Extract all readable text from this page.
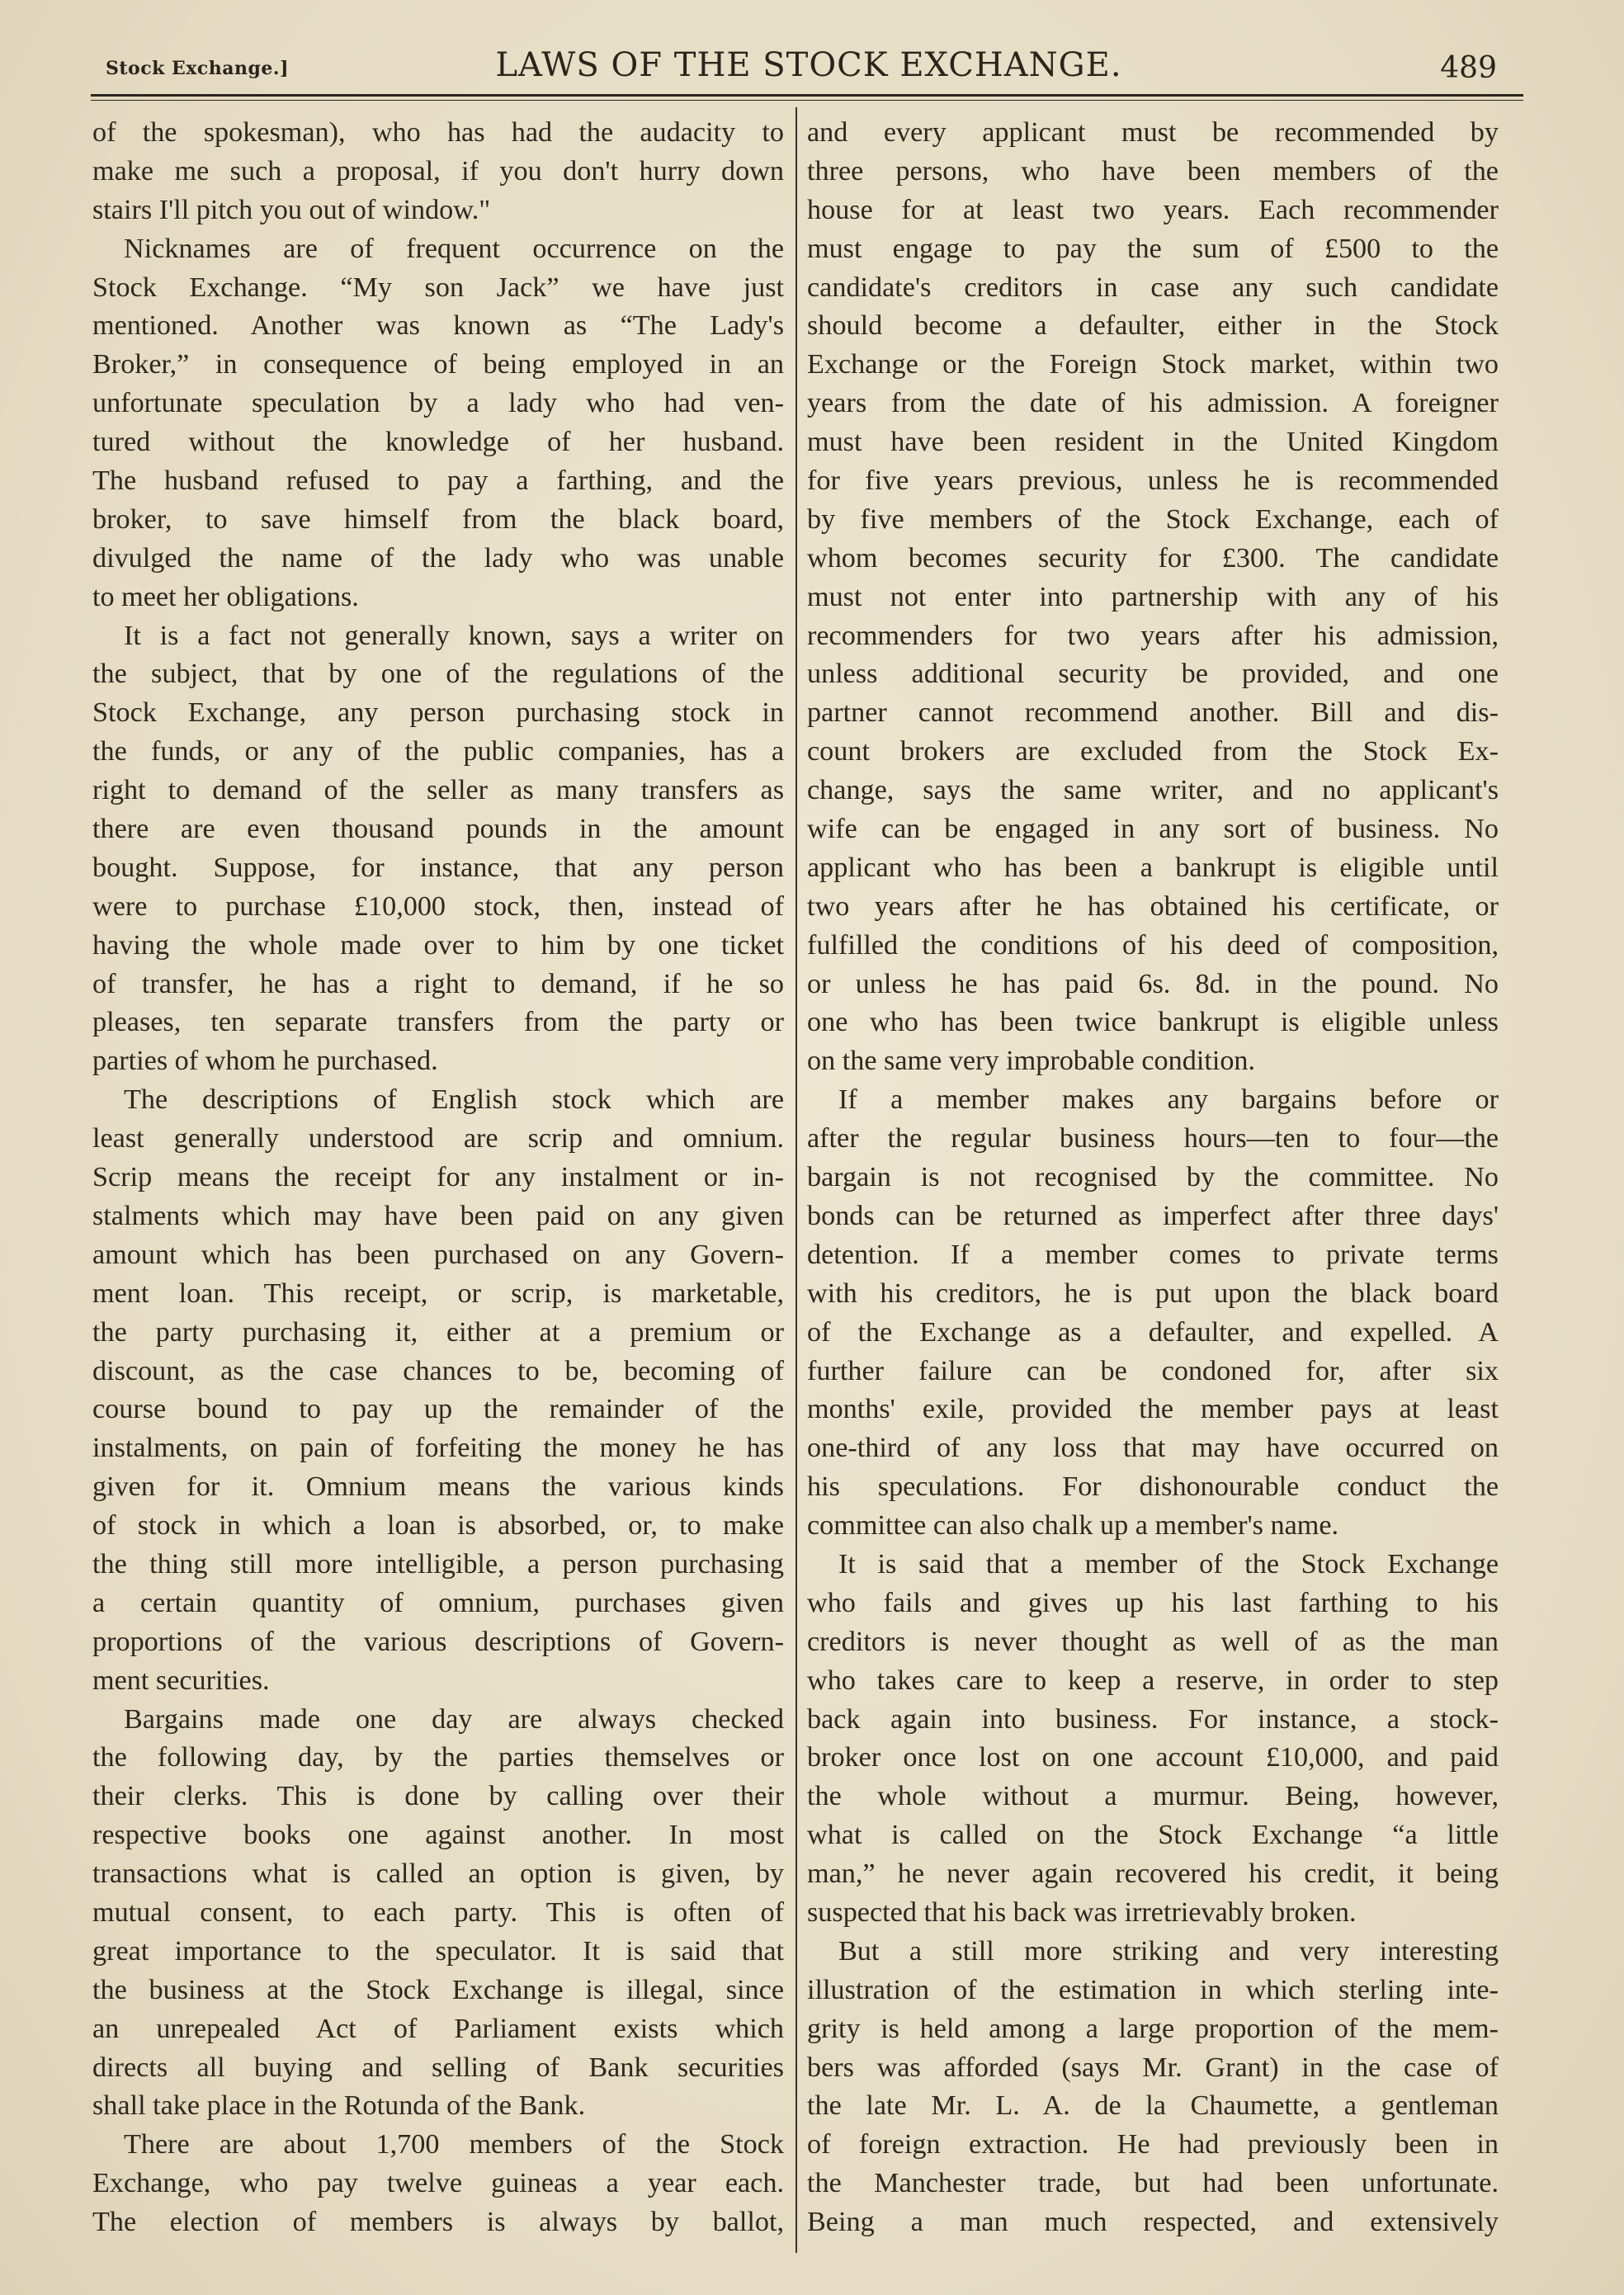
Stock Exchange.]	LAWS OF THE STOCK EXCHANGE.	489
of the spokesman), who has had the audacity to
make me such a proposal, if you don't hurry down
stairs I'll pitch you out of window."
Nicknames are of frequent occurrence on the
Stock Exchange. “My son Jack” we have just
mentioned. Another was known as “The Lady's
Broker,” in consequence of being employed in an
unfortunate speculation by a lady who had ven-
tured without the knowledge of her husband.
The husband refused to pay a farthing, and the
broker, to save himself from the black board,
divulged the name of the lady who was unable
to meet her obligations.
It is a fact not generally known, says a writer on
the subject, that by one of the regulations of the
Stock Exchange, any person purchasing stock in
the funds, or any of the public companies, has a
right to demand of the seller as many transfers as
there are even thousand pounds in the amount
bought. Suppose, for instance, that any person
were to purchase £10,000 stock, then, instead of
having the whole made over to him by one ticket
of transfer, he has a right to demand, if he so
pleases, ten separate transfers from the party or
parties of whom he purchased.
The descriptions of English stock which are
least generally understood are scrip and omnium.
Scrip means the receipt for any instalment or in-
stalments which may have been paid on any given
amount which has been purchased on any Govern-
ment loan. This receipt, or scrip, is marketable,
the party purchasing it, either at a premium or
discount, as the case chances to be, becoming of
course bound to pay up the remainder of the
instalments, on pain of forfeiting the money he has
given for it. Omnium means the various kinds
of stock in which a loan is absorbed, or, to make
the thing still more intelligible, a person purchasing
a certain quantity of omnium, purchases given
proportions of the various descriptions of Govern-
ment securities.
Bargains made one day are always checked
the following day, by the parties themselves or
their clerks. This is done by calling over their
respective books one against another. In most
transactions what is called an option is given, by
mutual consent, to each party. This is often of
great importance to the speculator. It is said that
the business at the Stock Exchange is illegal, since
an unrepealed Act of Parliament exists which
directs all buying and selling of Bank securities
shall take place in the Rotunda of the Bank.
There are about 1,700 members of the Stock
Exchange, who pay twelve guineas a year each.
The election of members is always by ballot,
and every applicant must be recommended by
three persons, who have been members of the
house for at least two years. Each recommender
must engage to pay the sum of £500 to the
candidate's creditors in case any such candidate
should become a defaulter, either in the Stock
Exchange or the Foreign Stock market, within two
years from the date of his admission. A foreigner
must have been resident in the United Kingdom
for five years previous, unless he is recommended
by five members of the Stock Exchange, each of
whom becomes security for £300. The candidate
must not enter into partnership with any of his
recommenders for two years after his admission,
unless additional security be provided, and one
partner cannot recommend another. Bill and dis-
count brokers are excluded from the Stock Ex-
change, says the same writer, and no applicant's
wife can be engaged in any sort of business. No
applicant who has been a bankrupt is eligible until
two years after he has obtained his certificate, or
fulfilled the conditions of his deed of composition,
or unless he has paid 6s. 8d. in the pound. No
one who has been twice bankrupt is eligible unless
on the same very improbable condition.
If a member makes any bargains before or
after the regular business hours—ten to four—the
bargain is not recognised by the committee. No
bonds can be returned as imperfect after three days'
detention. If a member comes to private terms
with his creditors, he is put upon the black board
of the Exchange as a defaulter, and expelled. A
further failure can be condoned for, after six
months' exile, provided the member pays at least
one-third of any loss that may have occurred on
his speculations. For dishonourable conduct the
committee can also chalk up a member's name.
It is said that a member of the Stock Exchange
who fails and gives up his last farthing to his
creditors is never thought as well of as the man
who takes care to keep a reserve, in order to step
back again into business. For instance, a stock-
broker once lost on one account £10,000, and paid
the whole without a murmur. Being, however,
what is called on the Stock Exchange “a little
man,” he never again recovered his credit, it being
suspected that his back was irretrievably broken.
But a still more striking and very interesting
illustration of the estimation in which sterling inte-
grity is held among a large proportion of the mem-
bers was afforded (says Mr. Grant) in the case of
the late Mr. L. A. de la Chaumette, a gentleman
of foreign extraction. He had previously been in
the Manchester trade, but had been unfortunate.
Being a man much respected, and extensively
